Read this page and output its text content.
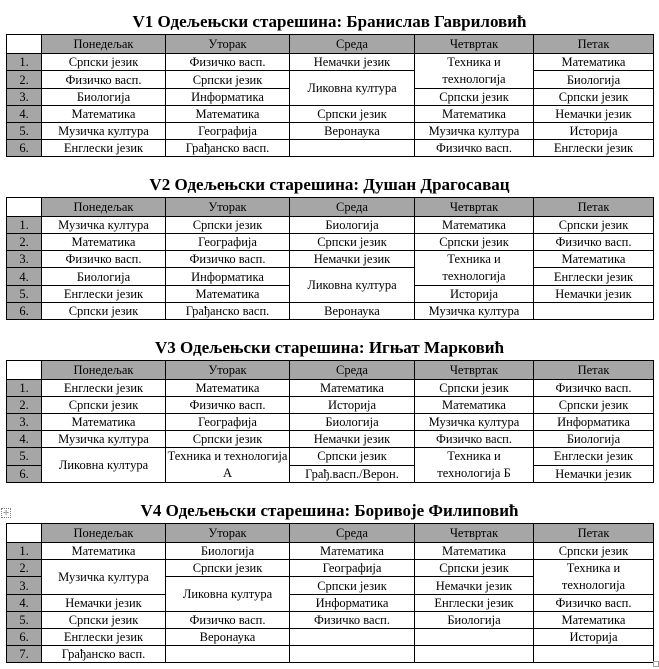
V1 Одељењски старешина: Бранислав Гавриловић
	Понедељак	Уторак	Среда	Четвртак	Петак
1.	Српски језик	Физичко васп.	Немачки језик	Техника и технологија	Математика
2.	Физичко васп.	Српски језик	Ликовна култура		Биологија
3.	Биологија	Информатика		Српски језик	Српски језик
4.	Математика	Математика	Српски језик	Математика	Немачки језик
5.	Музичка култура	Географија	Веронаука	Музичка култура	Историја
6.	Енглески језик	Грађанско васп.		Физичко васп.	Енглески језик
V2 Одељењски старешина: Душан Драгосавац
	Понедељак	Уторак	Среда	Четвртак	Петак
1.	Музичка култура	Српски језик	Биологија	Математика	Српски језик
2.	Математика	Географија	Српски језик	Српски језик	Физичко васп.
3.	Физичко васп.	Физичко васп.	Немачки језик	Техника и технологија	Математика
4.	Биологија	Информатика	Ликовна култура		Енглески језик
5.	Енглески језик	Математика		Историја	Немачки језик
6.	Српски језик	Грађанско васп.	Веронаука	Музичка култура	
V3 Одељењски старешина: Игњат Марковић
	Понедељак	Уторак	Среда	Четвртак	Петак
1.	Енглески језик	Математика	Математика	Српски језик	Физичко васп.
2.	Српски језик	Физичко васп.	Историја	Математика	Српски језик
3.	Математика	Географија	Биологија	Музичка култура	Информатика
4.	Музичка култура	Српски језик	Немачки језик	Физичко васп.	Биологија
5.	Ликовна култура	Техника и технологија А	Српски језик	Техника и технологија Б	Енглески језик
6.			Грађ.васп./Верон.		Немачки језик
✛	V4 Одељењски старешина: Боривоје Филиповић
	Понедељак	Уторак	Среда	Четвртак	Петак
1.	Математика	Биологија	Математика	Математика	Српски језик
2.	Музичка култура	Српски језик	Географија	Српски језик	Техника и технологија
3.		Ликовна култура	Српски језик	Немачки језик	
4.	Немачки језик		Информатика	Енглески језик	Физичко васп.
5.	Српски језик	Физичко васп.	Физичко васп.	Биологија	Математика
6.	Енглески језик	Веронаука			Историја
7.	Грађанско васп.				
